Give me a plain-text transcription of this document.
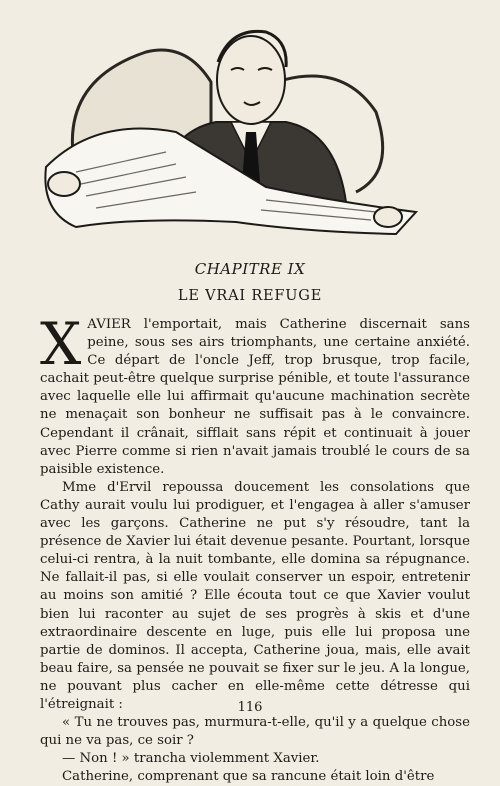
CHAPITRE IX
LE VRAI REFUGE

XAVIER l'emportait, mais Catherine discernait sans peine, sous ses airs triomphants, une certaine anxiété. Ce départ de l'oncle Jeff, trop brusque, trop facile, cachait peut-être quelque surprise pénible, et toute l'assurance avec laquelle elle lui affirmait qu'aucune machination secrète ne menaçait son bonheur ne suffisait pas à le convaincre. Cependant il crânait, sifflait sans répit et continuait à jouer avec Pierre comme si rien n'avait jamais troublé le cours de sa paisible existence.

Mme d'Ervil repoussa doucement les consolations que Cathy aurait voulu lui prodiguer, et l'engagea à aller s'amuser avec les garçons. Catherine ne put s'y résoudre, tant la présence de Xavier lui était devenue pesante. Pourtant, lorsque celui-ci rentra, à la nuit tombante, elle domina sa répugnance. Ne fallait-il pas, si elle voulait conserver un espoir, entretenir au moins son amitié ? Elle écouta tout ce que Xavier voulut bien lui raconter au sujet de ses progrès à skis et d'une extraordinaire descente en luge, puis elle lui proposa une partie de dominos. Il accepta, Catherine joua, mais, elle avait beau faire, sa pensée ne pouvait se fixer sur le jeu. A la longue, ne pouvant plus cacher en elle-même cette détresse qui l'étreignait :

« Tu ne trouves pas, murmura-t-elle, qu'il y a quelque chose qui ne va pas, ce soir ?

— Non ! » trancha violemment Xavier.

Catherine, comprenant que sa rancune était loin d'être

116
